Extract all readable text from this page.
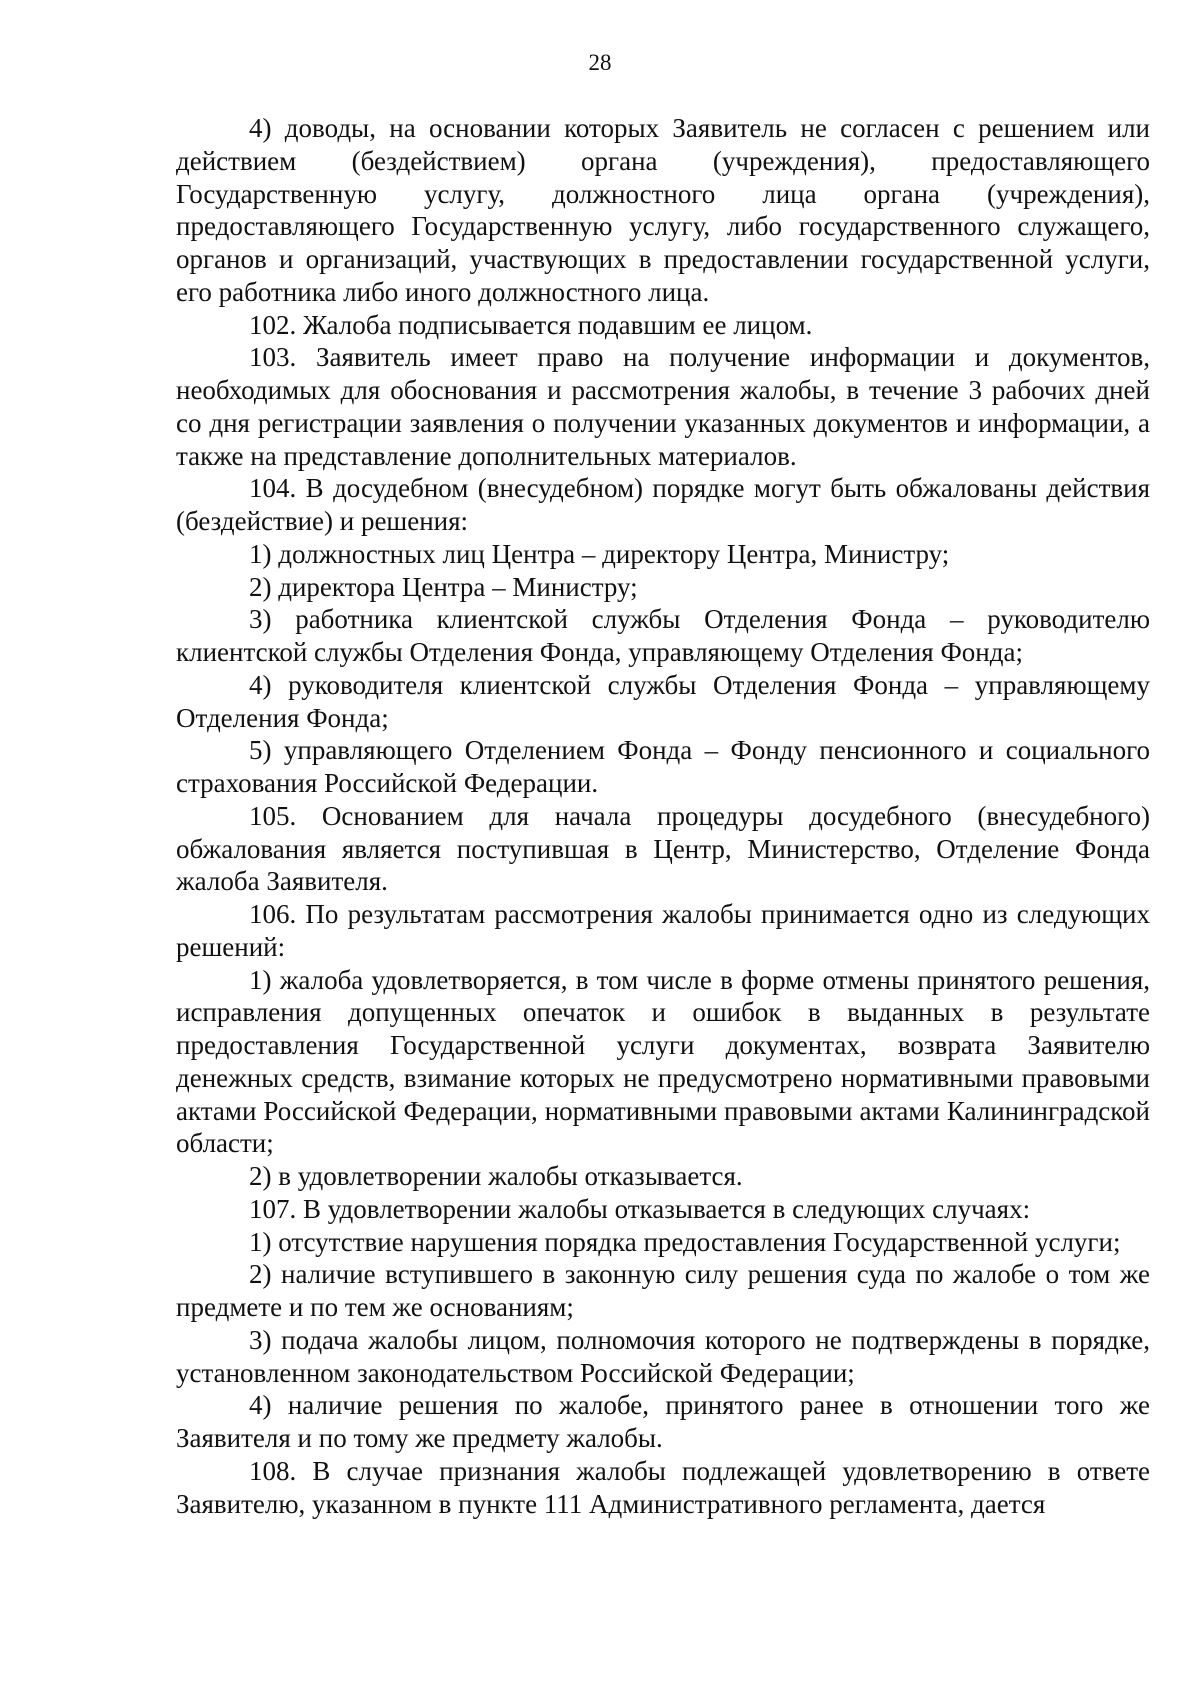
28

4) доводы, на основании которых Заявитель не согласен с решением или действием (бездействием) органа (учреждения), предоставляющего Государственную услугу, должностного лица органа (учреждения), предоставляющего Государственную услугу, либо государственного служащего, органов и организаций, участвующих в предоставлении государственной услуги, его работника либо иного должностного лица.

102. Жалоба подписывается подавшим ее лицом.

103. Заявитель имеет право на получение информации и документов, необходимых для обоснования и рассмотрения жалобы, в течение 3 рабочих дней со дня регистрации заявления о получении указанных документов и информации, а также на представление дополнительных материалов.

104. В досудебном (внесудебном) порядке могут быть обжалованы действия (бездействие) и решения:

1) должностных лиц Центра – директору Центра, Министру;

2) директора Центра – Министру;

3) работника клиентской службы Отделения Фонда – руководителю клиентской службы Отделения Фонда, управляющему Отделения Фонда;

4) руководителя клиентской службы Отделения Фонда – управляющему Отделения Фонда;

5) управляющего Отделением Фонда – Фонду пенсионного и социального страхования Российской Федерации.

105. Основанием для начала процедуры досудебного (внесудебного) обжалования является поступившая в Центр, Министерство, Отделение Фонда жалоба Заявителя.

106. По результатам рассмотрения жалобы принимается одно из следующих решений:

1) жалоба удовлетворяется, в том числе в форме отмены принятого решения, исправления допущенных опечаток и ошибок в выданных в результате предоставления Государственной услуги документах, возврата Заявителю денежных средств, взимание которых не предусмотрено нормативными правовыми актами Российской Федерации, нормативными правовыми актами Калининградской области;

2) в удовлетворении жалобы отказывается.

107. В удовлетворении жалобы отказывается в следующих случаях:

1) отсутствие нарушения порядка предоставления Государственной услуги;

2) наличие вступившего в законную силу решения суда по жалобе о том же предмете и по тем же основаниям;

3) подача жалобы лицом, полномочия которого не подтверждены в порядке, установленном законодательством Российской Федерации;

4) наличие решения по жалобе, принятого ранее в отношении того же Заявителя и по тому же предмету жалобы.

108. В случае признания жалобы подлежащей удовлетворению в ответе Заявителю, указанном в пункте 111 Административного регламента, дается
